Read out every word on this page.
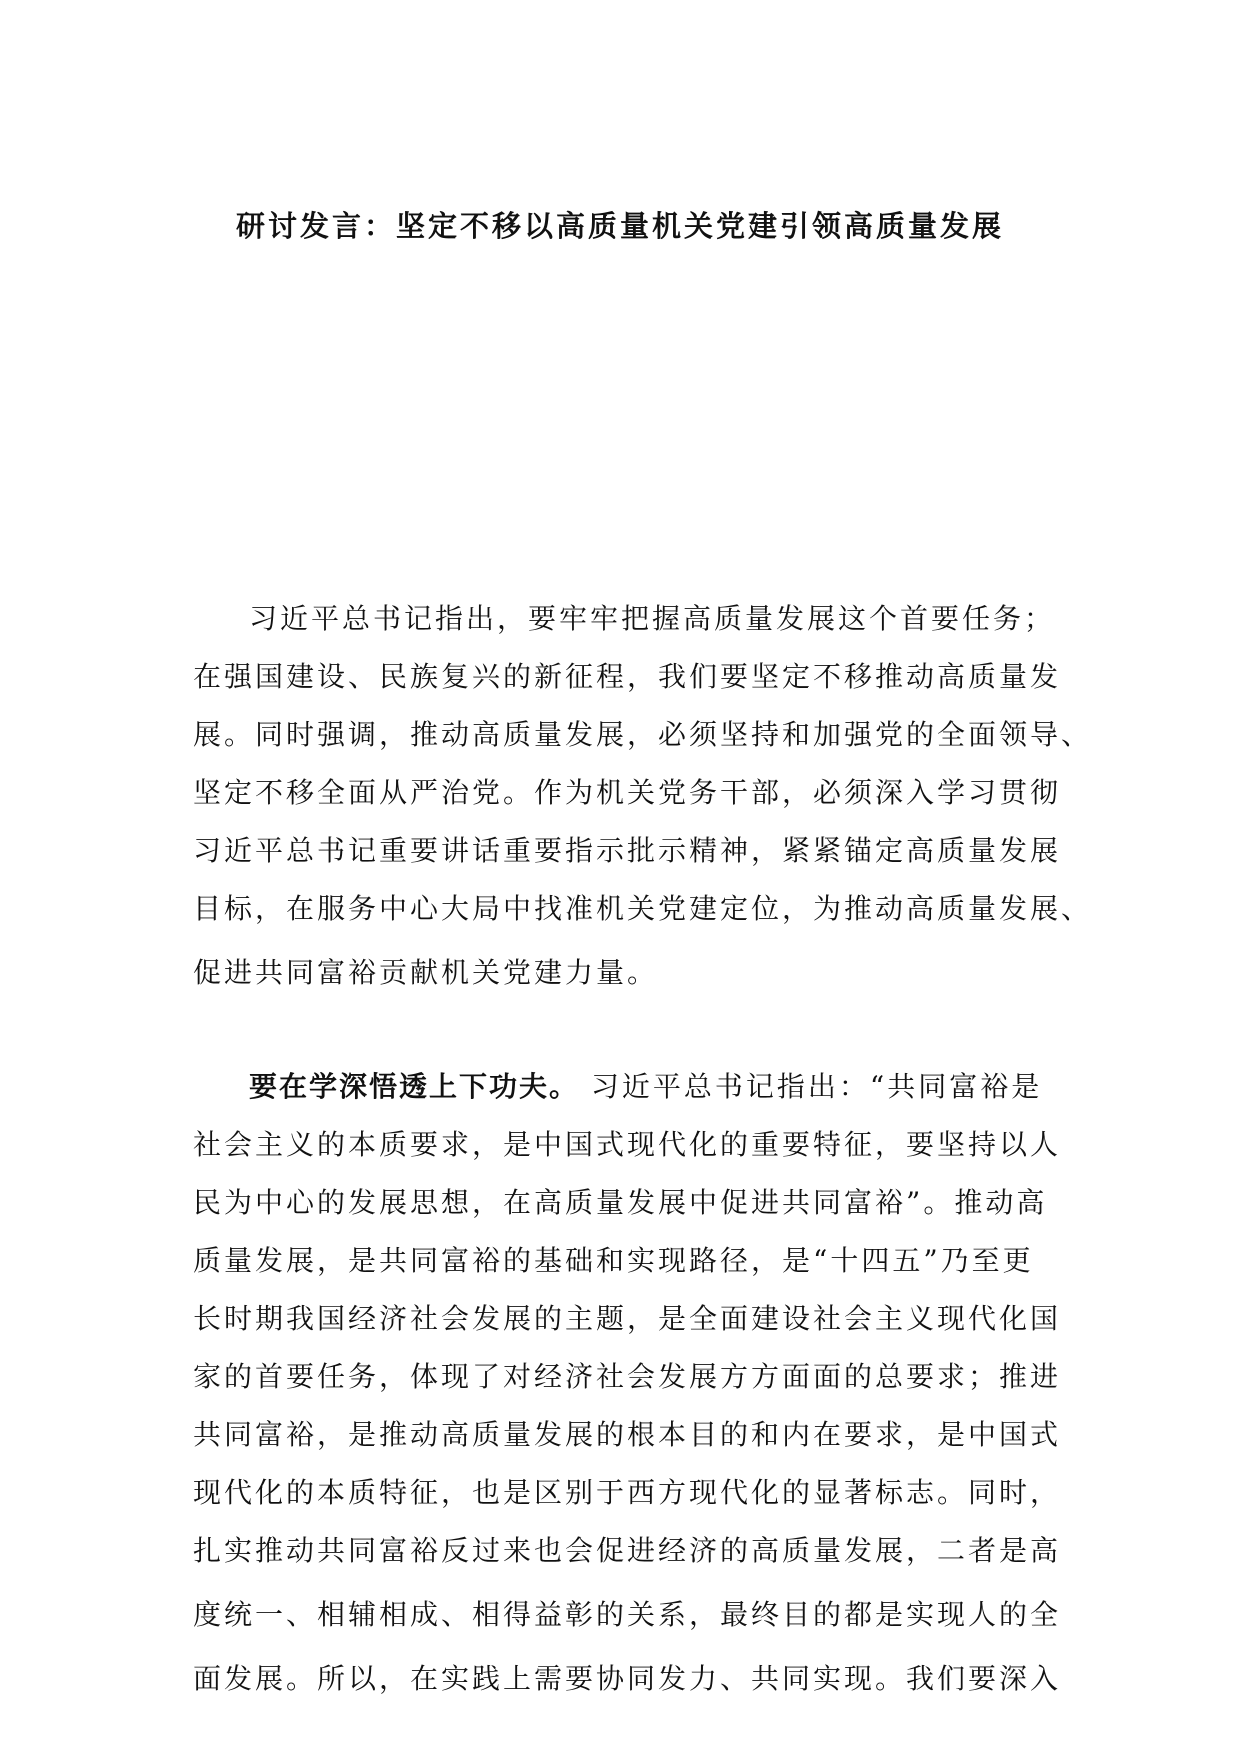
研讨发言：坚定不移以高质量机关党建引领高质量发展
习近平总书记指出，要牢牢把握高质量发展这个首要任务；
在强国建设、民族复兴的新征程，我们要坚定不移推动高质量发
展。同时强调，推动高质量发展，必须坚持和加强党的全面领导、
坚定不移全面从严治党。作为机关党务干部，必须深入学习贯彻
习近平总书记重要讲话重要指示批示精神，紧紧锚定高质量发展
目标，在服务中心大局中找准机关党建定位，为推动高质量发展、
促进共同富裕贡献机关党建力量。
要在学深悟透上下功夫。 习近平总书记指出：“共同富裕是
社会主义的本质要求，是中国式现代化的重要特征，要坚持以人
民为中心的发展思想，在高质量发展中促进共同富裕”。推动高
质量发展，是共同富裕的基础和实现路径，是“十四五”乃至更
长时期我国经济社会发展的主题，是全面建设社会主义现代化国
家的首要任务，体现了对经济社会发展方方面面的总要求；推进
共同富裕，是推动高质量发展的根本目的和内在要求，是中国式
现代化的本质特征，也是区别于西方现代化的显著标志。同时，
扎实推动共同富裕反过来也会促进经济的高质量发展，二者是高
度统一、相辅相成、相得益彰的关系，最终目的都是实现人的全
面发展。所以，在实践上需要协同发力、共同实现。我们要深入
